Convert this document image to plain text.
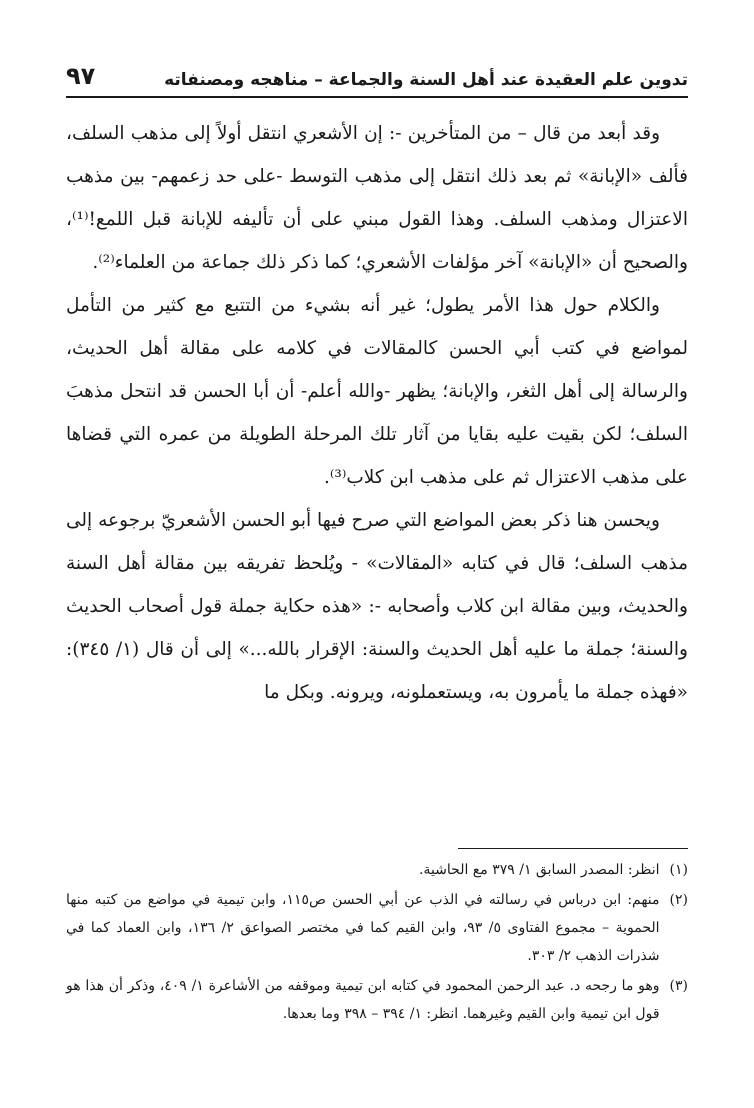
تدوين علم العقيدة عند أهل السنة والجماعة – مناهجه ومصنفاته
٩٧

وقد أبعد من قال – من المتأخرين -: إن الأشعري انتقل أولاً إلى مذهب السلف، فألف «الإبانة» ثم بعد ذلك انتقل إلى مذهب التوسط -على حد زعمهم- بين مذهب الاعتزال ومذهب السلف. وهذا القول مبني على أن تأليفه للإبانة قبل اللمع!⁽¹⁾، والصحيح أن «الإبانة» آخر مؤلفات الأشعري؛ كما ذكر ذلك جماعة من العلماء⁽²⁾.

والكلام حول هذا الأمر يطول؛ غير أنه بشيء من التتبع مع كثير من التأمل لمواضع في كتب أبي الحسن كالمقالات في كلامه على مقالة أهل الحديث، والرسالة إلى أهل الثغر، والإبانة؛ يظهر -والله أعلم- أن أبا الحسن قد انتحل مذهبَ السلف؛ لكن بقيت عليه بقايا من آثار تلك المرحلة الطويلة من عمره التي قضاها على مذهب الاعتزال ثم على مذهب ابن كلاب⁽³⁾.

ويحسن هنا ذكر بعض المواضع التي صرح فيها أبو الحسن الأشعريّ برجوعه إلى مذهب السلف؛ قال في كتابه «المقالات» - ويُلحظ تفريقه بين مقالة أهل السنة والحديث، وبين مقالة ابن كلاب وأصحابه -: «هذه حكاية جملة قول أصحاب الحديث والسنة؛ جملة ما عليه أهل الحديث والسنة: الإقرار بالله...» إلى أن قال (١/ ٣٤٥): «فهذه جملة ما يأمرون به، ويستعملونه، ويرونه. وبكل ما

(١)
انظر: المصدر السابق ١/ ٣٧٩ مع الحاشية.
(٢)
منهم: ابن درباس في رسالته في الذب عن أبي الحسن ص١١٥، وابن تيمية في مواضع من كتبه منها الحموية – مجموع الفتاوى ٥/ ٩٣، وابن القيم كما في مختصر الصواعق ٢/ ١٣٦، وابن العماد كما في شذرات الذهب ٢/ ٣٠٣.
(٣)
وهو ما رجحه د. عبد الرحمن المحمود في كتابه ابن تيمية وموقفه من الأشاعرة ١/ ٤٠٩، وذكر أن هذا هو قول ابن تيمية وابن القيم وغيرهما. انظر: ١/ ٣٩٤ – ٣٩٨ وما بعدها.
